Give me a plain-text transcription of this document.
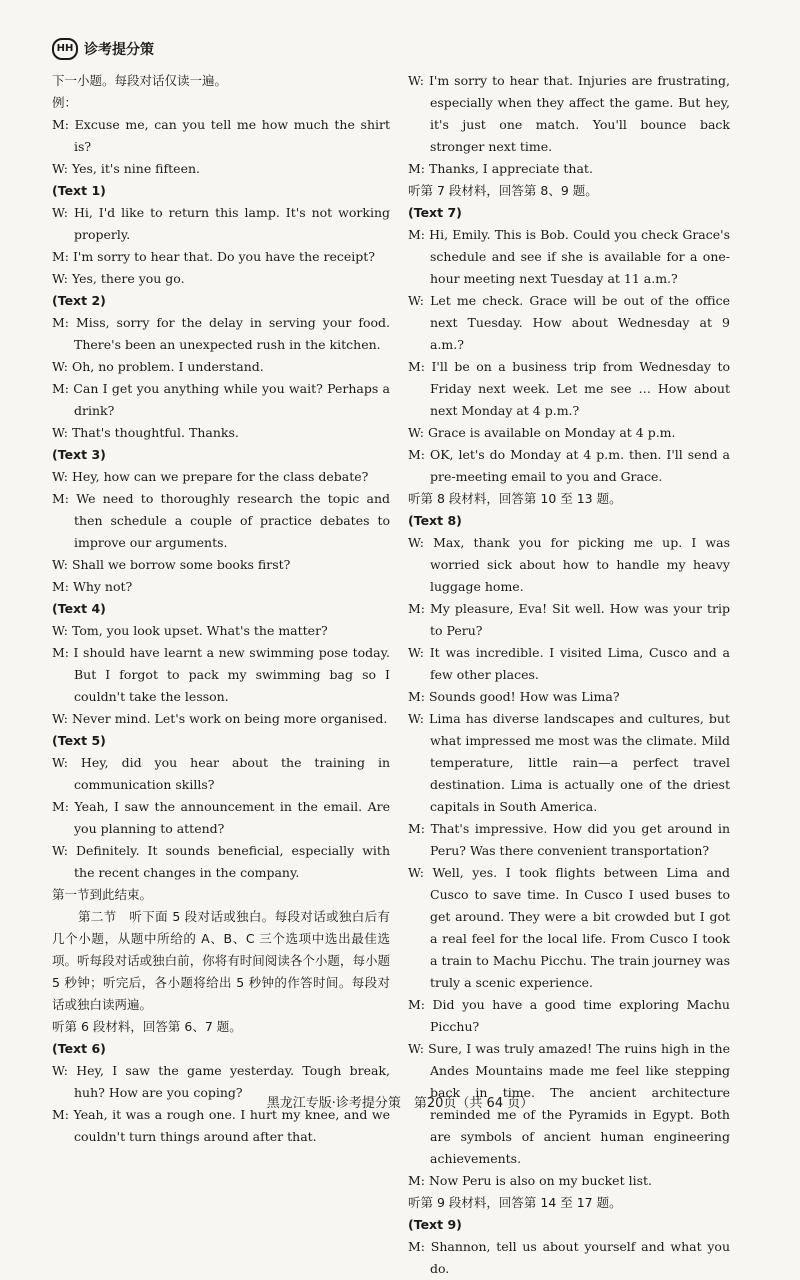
HH 诊考提分策
下一小题。每段对话仅读一遍。
例：
M: Excuse me, can you tell me how much the shirt is?
W: Yes, it's nine fifteen.
(Text 1)
W: Hi, I'd like to return this lamp. It's not working properly.
M: I'm sorry to hear that. Do you have the receipt?
W: Yes, there you go.
(Text 2)
M: Miss, sorry for the delay in serving your food. There's been an unexpected rush in the kitchen.
W: Oh, no problem. I understand.
M: Can I get you anything while you wait? Perhaps a drink?
W: That's thoughtful. Thanks.
(Text 3)
W: Hey, how can we prepare for the class debate?
M: We need to thoroughly research the topic and then schedule a couple of practice debates to improve our arguments.
W: Shall we borrow some books first?
M: Why not?
(Text 4)
W: Tom, you look upset. What's the matter?
M: I should have learnt a new swimming pose today. But I forgot to pack my swimming bag so I couldn't take the lesson.
W: Never mind. Let's work on being more organised.
(Text 5)
W: Hey, did you hear about the training in communication skills?
M: Yeah, I saw the announcement in the email. Are you planning to attend?
W: Definitely. It sounds beneficial, especially with the recent changes in the company.
第一节到此结束。
第二节　听下面 5 段对话或独白。每段对话或独白后有几个小题，从题中所给的 A、B、C 三个选项中选出最佳选项。听每段对话或独白前，你将有时间阅读各个小题，每小题 5 秒钟；听完后，各小题将给出 5 秒钟的作答时间。每段对话或独白读两遍。
听第 6 段材料，回答第 6、7 题。
(Text 6)
W: Hey, I saw the game yesterday. Tough break, huh? How are you coping?
M: Yeah, it was a rough one. I hurt my knee, and we couldn't turn things around after that.
W: I'm sorry to hear that. Injuries are frustrating, especially when they affect the game. But hey, it's just one match. You'll bounce back stronger next time.
M: Thanks, I appreciate that.
听第 7 段材料，回答第 8、9 题。
(Text 7)
M: Hi, Emily. This is Bob. Could you check Grace's schedule and see if she is available for a one-hour meeting next Tuesday at 11 a.m.?
W: Let me check. Grace will be out of the office next Tuesday. How about Wednesday at 9 a.m.?
M: I'll be on a business trip from Wednesday to Friday next week. Let me see … How about next Monday at 4 p.m.?
W: Grace is available on Monday at 4 p.m.
M: OK, let's do Monday at 4 p.m. then. I'll send a pre-meeting email to you and Grace.
听第 8 段材料，回答第 10 至 13 题。
(Text 8)
W: Max, thank you for picking me up. I was worried sick about how to handle my heavy luggage home.
M: My pleasure, Eva! Sit well. How was your trip to Peru?
W: It was incredible. I visited Lima, Cusco and a few other places.
M: Sounds good! How was Lima?
W: Lima has diverse landscapes and cultures, but what impressed me most was the climate. Mild temperature, little rain—a perfect travel destination. Lima is actually one of the driest capitals in South America.
M: That's impressive. How did you get around in Peru? Was there convenient transportation?
W: Well, yes. I took flights between Lima and Cusco to save time. In Cusco I used buses to get around. They were a bit crowded but I got a real feel for the local life. From Cusco I took a train to Machu Picchu. The train journey was truly a scenic experience.
M: Did you have a good time exploring Machu Picchu?
W: Sure, I was truly amazed! The ruins high in the Andes Mountains made me feel like stepping back in time. The ancient architecture reminded me of the Pyramids in Egypt. Both are symbols of ancient human engineering achievements.
M: Now Peru is also on my bucket list.
听第 9 段材料，回答第 14 至 17 题。
(Text 9)
M: Shannon, tell us about yourself and what you do.
黑龙江专版·诊考提分策　第20页（共 64 页）
